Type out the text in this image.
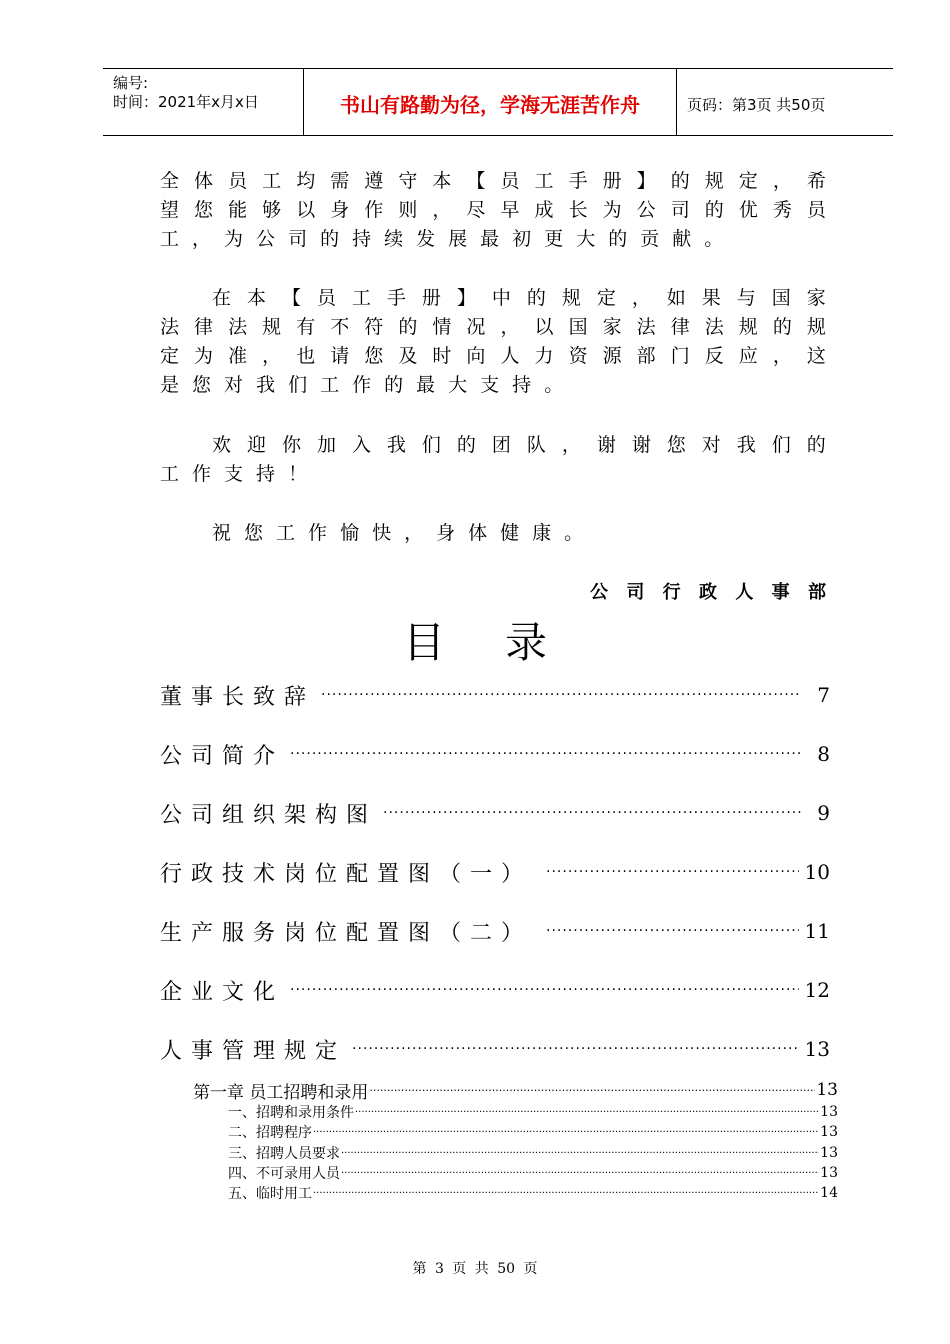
编号:
时间：2021年x月x日	书山有路勤为径，学海无涯苦作舟	页码：第3页 共50页
全 体 员 工 均 需 遵 守 本 【 员 工 手 册 】 的 规 定 ， 希
望 您 能 够 以 身 作 则 ， 尽 早 成 长 为 公 司 的 优 秀 员
工 ， 为 公 司 的 持 续 发 展 最 初 更 大 的 贡 献 。
在 本 【 员 工 手 册 】 中 的 规 定 ， 如 果 与 国 家
法 律 法 规 有 不 符 的 情 况 ， 以 国 家 法 律 法 规 的 规
定 为 准 ， 也 请 您 及 时 向 人 力 资 源 部 门 反 应 ， 这
是 您 对 我 们 工 作 的 最 大 支 持 。
欢 迎 你 加 入 我 们 的 团 队 ， 谢 谢 您 对 我 们 的
工 作 支 持 ！
祝 您 工 作 愉 快 ， 身 体 健 康 。
公 司 行 政 人 事 部
目录
董事长致辞 ·····	7
公司简介 ·····	8
公司组织架构图 ·····	9
行政技术岗位配置图（一） ·····	10
生产服务岗位配置图（二） ·····	11
企业文化 ·····	12
人事管理规定 ·····	13
第一章 员工招聘和录用 ·····	13
一、招聘和录用条件 ·····	13
二、招聘程序 ·····	13
三、招聘人员要求 ·····	13
四、不可录用人员 ·····	13
五、临时用工 ·····	14
第 3 页 共 50 页
